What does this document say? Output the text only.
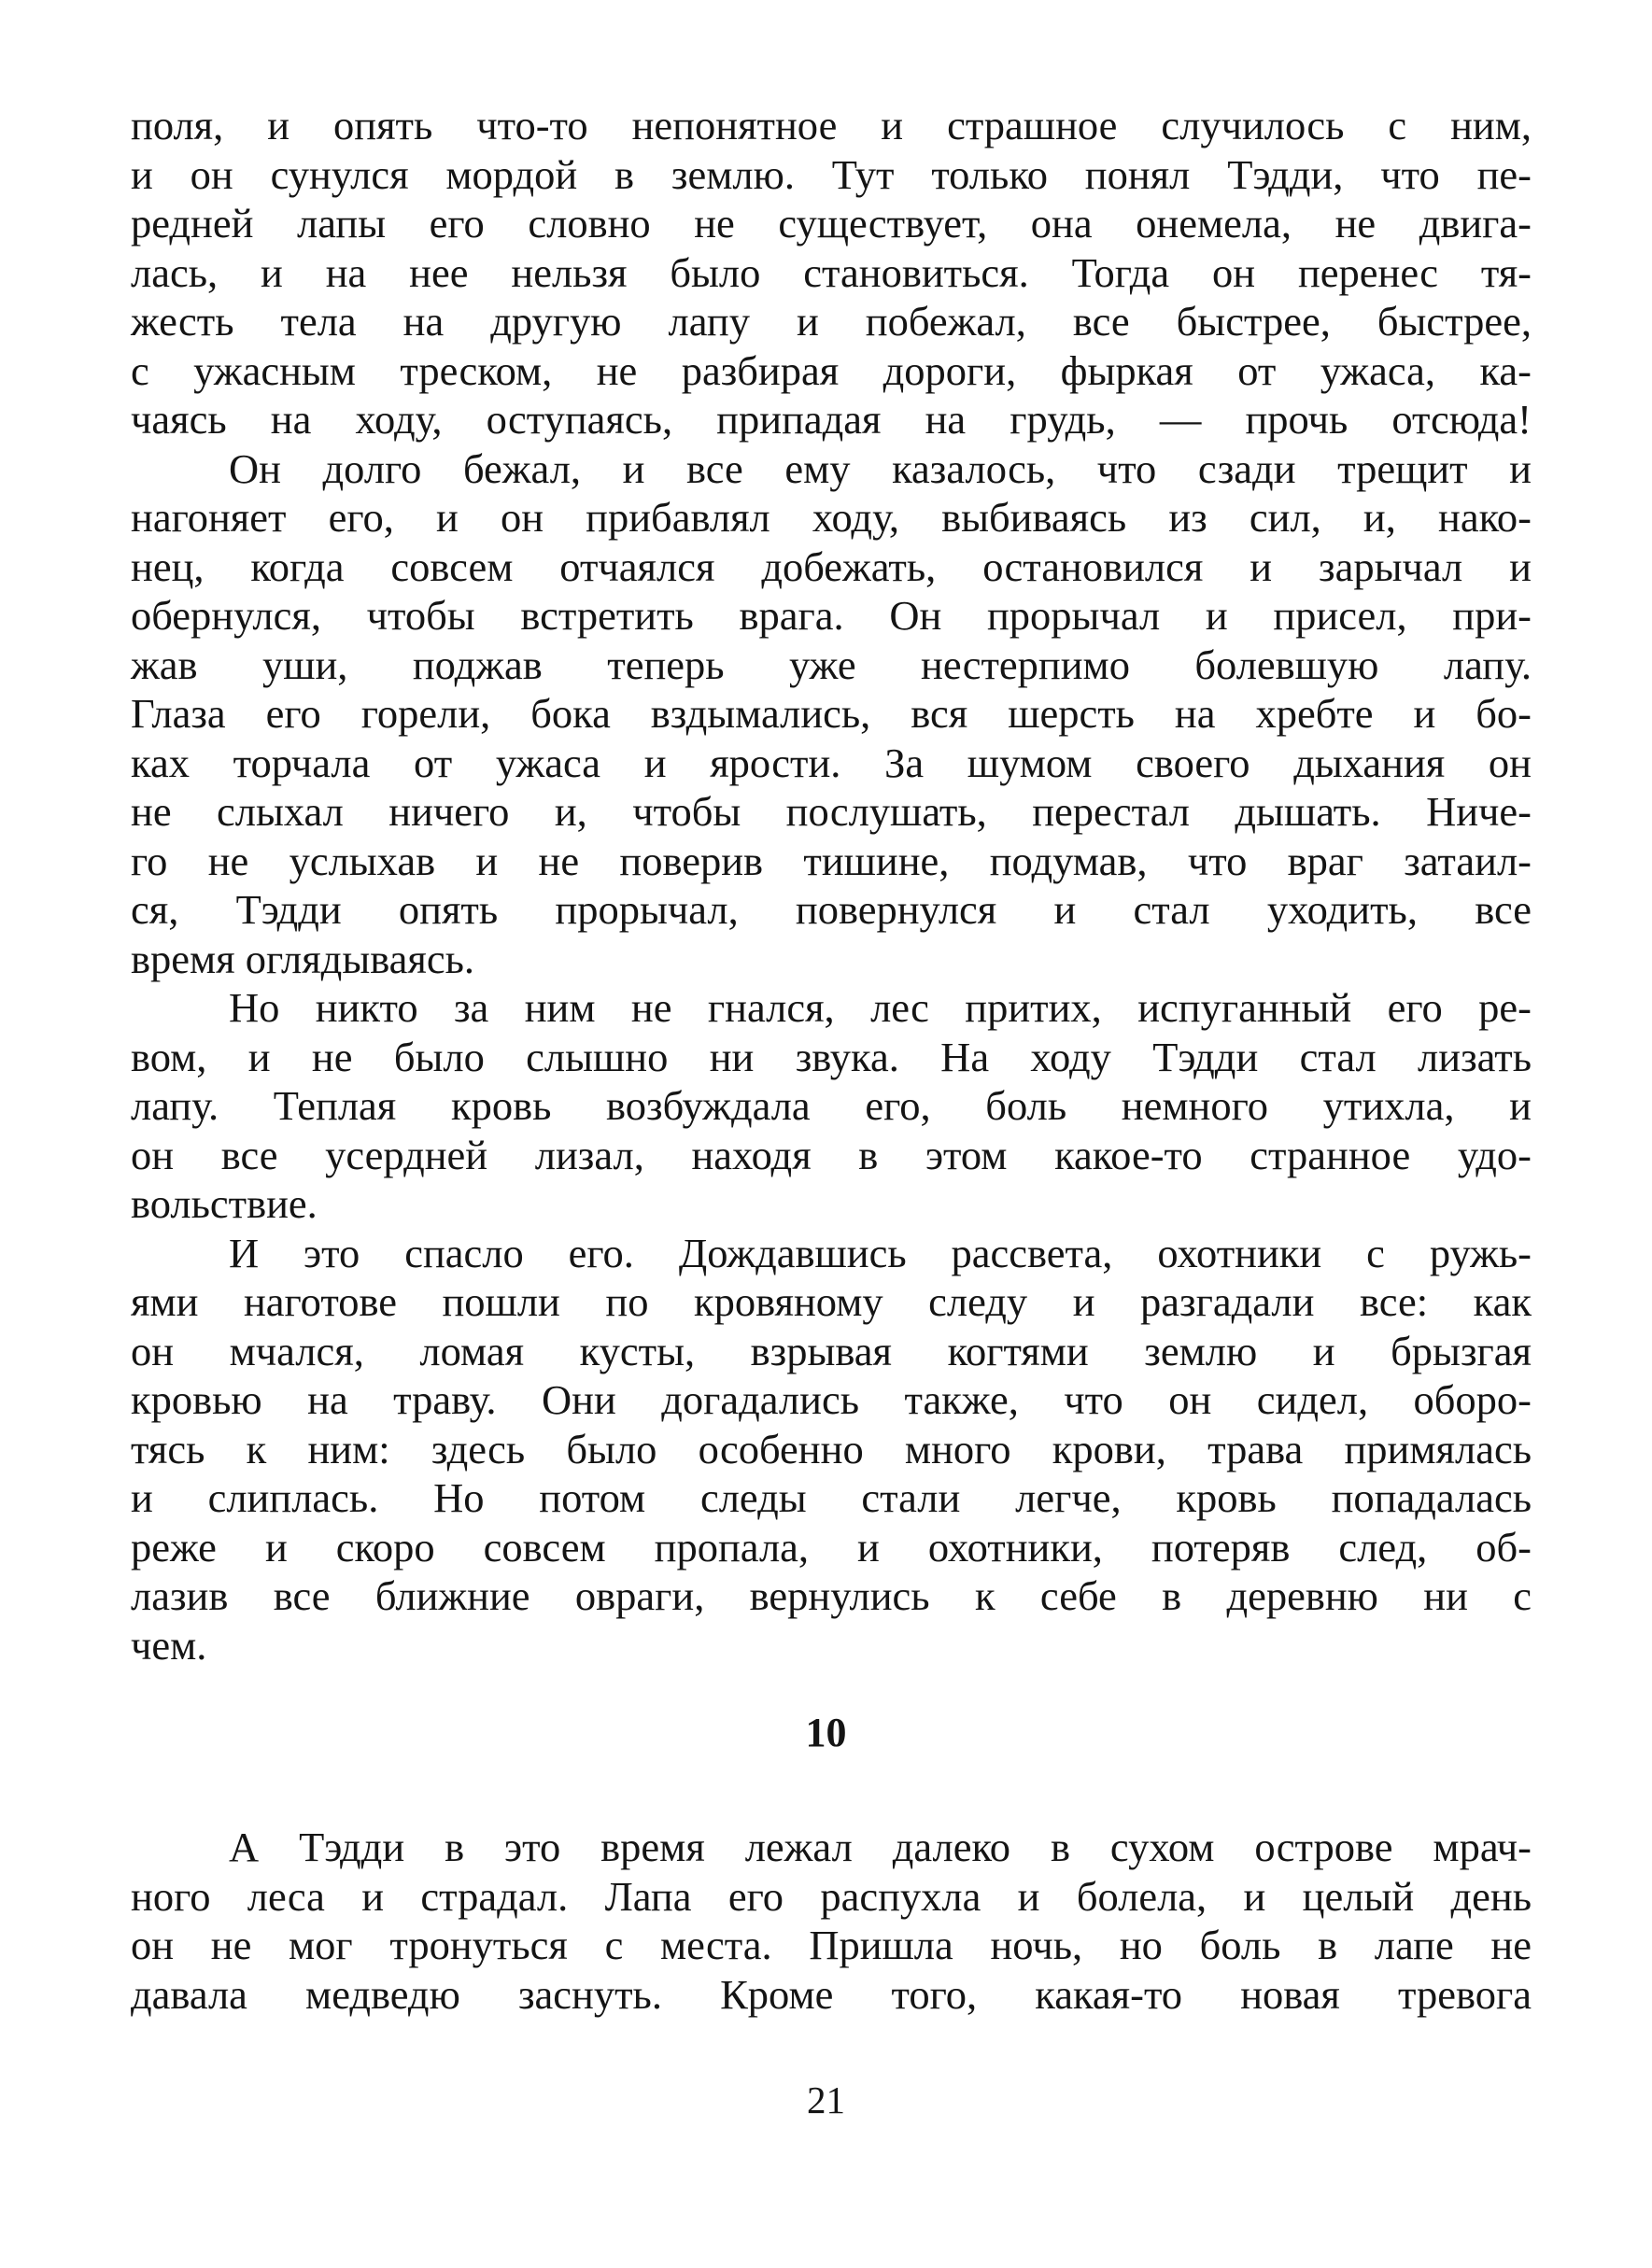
поля, и опять что-то непонятное и страшное случилось с ним,
и он сунулся мордой в землю. Тут только понял Тэдди, что пе-
редней лапы его словно не существует, она онемела, не двига-
лась, и на нее нельзя было становиться. Тогда он перенес тя-
жесть тела на другую лапу и побежал, все быстрее, быстрее,
с ужасным треском, не разбирая дороги, фыркая от ужаса, ка-
чаясь на ходу, оступаясь, припадая на грудь, — прочь отсюда!
Он долго бежал, и все ему казалось, что сзади трещит и
нагоняет его, и он прибавлял ходу, выбиваясь из сил, и, нако-
нец, когда совсем отчаялся добежать, остановился и зарычал и
обернулся, чтобы встретить врага. Он прорычал и присел, при-
жав уши, поджав теперь уже нестерпимо болевшую лапу.
Глаза его горели, бока вздымались, вся шерсть на хребте и бо-
ках торчала от ужаса и ярости. За шумом своего дыхания он
не слыхал ничего и, чтобы послушать, перестал дышать. Ниче-
го не услыхав и не поверив тишине, подумав, что враг затаил-
ся, Тэдди опять прорычал, повернулся и стал уходить, все
время оглядываясь.
Но никто за ним не гнался, лес притих, испуганный его ре-
вом, и не было слышно ни звука. На ходу Тэдди стал лизать
лапу. Теплая кровь возбуждала его, боль немного утихла, и
он все усердней лизал, находя в этом какое-то странное удо-
вольствие.
И это спасло его. Дождавшись рассвета, охотники с ружь-
ями наготове пошли по кровяному следу и разгадали все: как
он мчался, ломая кусты, взрывая когтями землю и брызгая
кровью на траву. Они догадались также, что он сидел, оборо-
тясь к ним: здесь было особенно много крови, трава примялась
и слиплась. Но потом следы стали легче, кровь попадалась
реже и скоро совсем пропала, и охотники, потеряв след, об-
лазив все ближние овраги, вернулись к себе в деревню ни с
чем.
10
А Тэдди в это время лежал далеко в сухом острове мрач-
ного леса и страдал. Лапа его распухла и болела, и целый день
он не мог тронуться с места. Пришла ночь, но боль в лапе не
давала медведю заснуть. Кроме того, какая-то новая тревога
21
